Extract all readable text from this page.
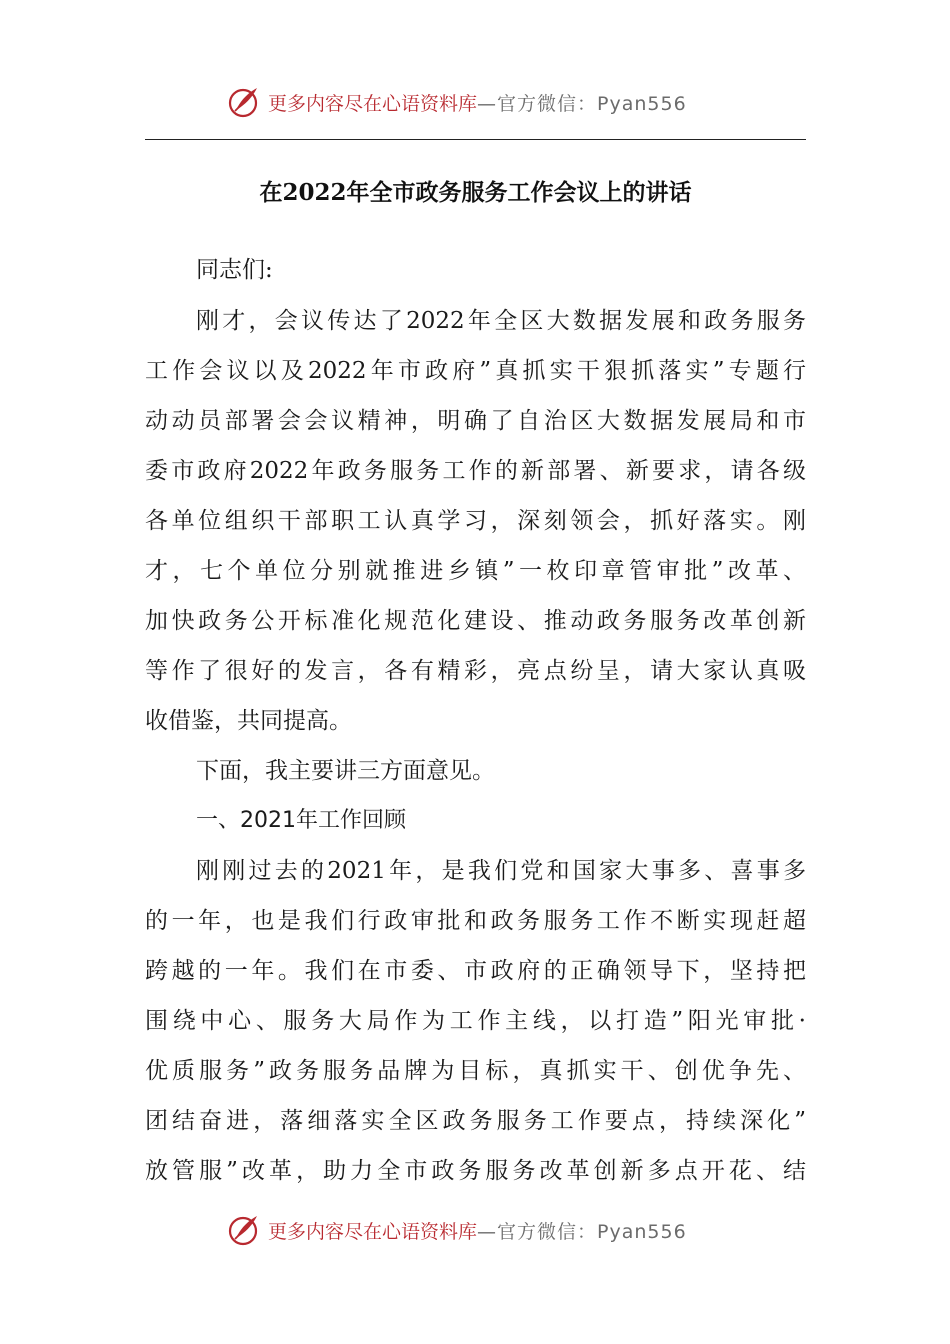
更多内容尽在心语资料库 —官方微信：Pyan556
在2022年全市政务服务工作会议上的讲话
同志们:
刚才，会议传达了2022年全区大数据发展和政务服务
工作会议以及2022年市政府”真抓实干狠抓落实”专题行
动动员部署会会议精神，明确了自治区大数据发展局和市
委市政府2022年政务服务工作的新部署、新要求，请各级
各单位组织干部职工认真学习，深刻领会，抓好落实。刚
才，七个单位分别就推进乡镇”一枚印章管审批”改革、
加快政务公开标准化规范化建设、推动政务服务改革创新
等作了很好的发言，各有精彩，亮点纷呈，请大家认真吸
收借鉴，共同提高。
下面，我主要讲三方面意见。
一、2021年工作回顾
刚刚过去的2021年，是我们党和国家大事多、喜事多
的一年，也是我们行政审批和政务服务工作不断实现赶超
跨越的一年。我们在市委、市政府的正确领导下，坚持把
围绕中心、服务大局作为工作主线，以打造”阳光审批·
优质服务”政务服务品牌为目标，真抓实干、创优争先、
团结奋进，落细落实全区政务服务工作要点，持续深化”
放管服”改革，助力全市政务服务改革创新多点开花、结
更多内容尽在心语资料库 —官方微信：Pyan556
